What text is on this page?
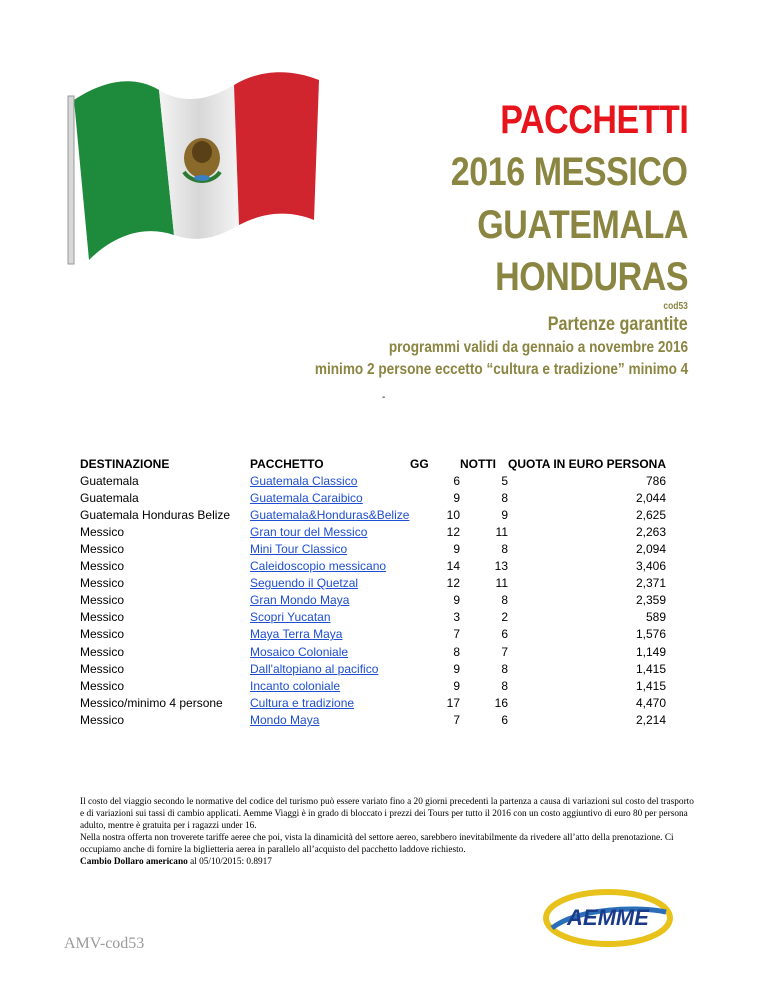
PACCHETTI
2016 MESSICO
GUATEMALA
HONDURAS
cod53
Partenze garantite
programmi validi da gennaio a novembre 2016
minimo 2 persone eccetto “cultura e tradizione” minimo 4
-
DESTINAZIONE	PACCHETTO	GG	NOTTI	QUOTA IN EURO PERSONA
Guatemala	Guatemala Classico	6	5	786
Guatemala	Guatemala Caraibico	9	8	2,044
Guatemala Honduras Belize	Guatemala&Honduras&Belize	10	9	2,625
Messico	Gran tour del Messico	12	11	2,263
Messico	Mini Tour Classico	9	8	2,094
Messico	Caleidoscopio messicano	14	13	3,406
Messico	Seguendo il Quetzal	12	11	2,371
Messico	Gran Mondo Maya	9	8	2,359
Messico	Scopri Yucatan	3	2	589
Messico	Maya Terra Maya	7	6	1,576
Messico	Mosaico Coloniale	8	7	1,149
Messico	Dall'altopiano al pacifico	9	8	1,415
Messico	Incanto coloniale	9	8	1,415
Messico/minimo 4 persone	Cultura e tradizione	17	16	4,470
Messico	Mondo Maya	7	6	2,214

Il costo del viaggio secondo le normative del codice del turismo può essere variato fino a 20 giorni precedenti la partenza a causa di variazioni sul costo del trasporto e di variazioni sui tassi di cambio applicati. Aemme Viaggi è in grado di bloccato i prezzi dei Tours per tutto il 2016 con un costo aggiuntivo di euro 80 per persona adulto, mentre è gratuita per i ragazzi under 16.

Nella nostra offerta non troverete tariffe aeree che poi, vista la dinamicità del settore aereo, sarebbero inevitabilmente da rivedere all’atto della prenotazione. Ci occupiamo anche di fornire la biglietteria aerea in parallelo all’acquisto del pacchetto laddove richiesto.

Cambio Dollaro americano al 05/10/2015: 0.8917

AMV-cod53
AEMME
